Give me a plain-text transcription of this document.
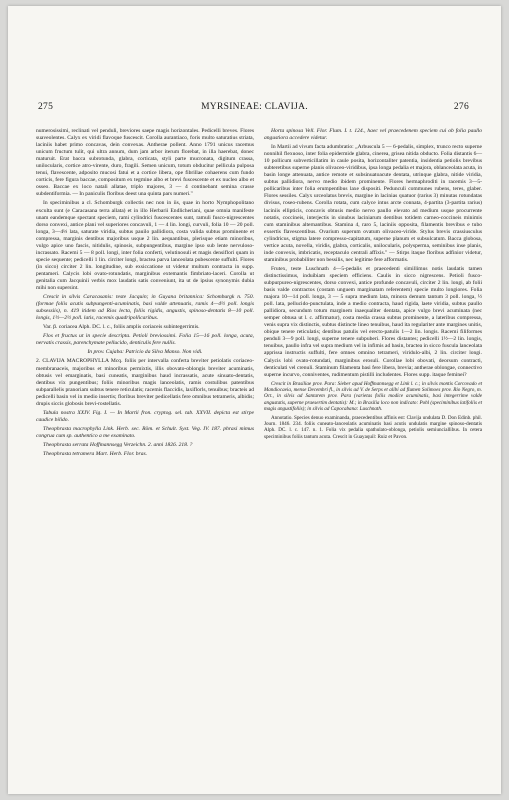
275	MYRSINEAE: CLAVIJA.	276

numerosissimi, reclinati vel penduli, breviores saepe magis horizontales. Pedicelli breves. Flores suaveolentes. Calyx ex viridi flavoque fuscescit. Corolla aurantiaco, foris multo saturatius striata, laciniis habet primo concavas, dein convexas. Antherae pollent. Anno 1791 unicus racemus unicum fructum tulit, qui ultra annum, dum jam arbor iterum florebat, in illa haerebat, donec maturuit. Erat bacca subrotunda, glabra, corticata, styli parte mucronata, digitum crassa, unilocularis, cortice atro-virente, duro, fragili. Semen unicum, totum obducitur pellicula pulposa tenui, flavescente, adposito mucosi fatui et a cortice libera, ope fibrillae cohaerens cum fundo corticis, fere figura baccae, compositum ex tegmine albo et brevi fuscescente et ex nucleo albo et osseo. Baccae ex loco natali allatae, triplo majores, 3 — 4 continebant semina crasse subdentiformia. — In paniculis floribus deest una quinta pars numeri."

In speciminibus a cl. Schomburgk collectis nec non in iis, quae in horto Nymphopolitano exculta sunt (e Caracasana terra allata) et in illo Herbarii Endlicheriani, quae omnia manifeste unam eandemque spectant speciem, rami cylindrici fuscescentes sunt, ramuli fusco-nigrescentes dorso convexi, antice plani vel superiores concavuli, 1 — 4 lin. longi, curvuli, folia 10 — 20 poll. longa, 3—4⅓ lata, saturate viridia, subtus pauilo pallidiora, costa valida subtus prominente et compressa, marginis dentibus majoribus usque 2 lin. aequantibus, plerisque etiam minoribus, vulgo apice uno fascis, nitidulis, spinosis, subpungentibus, margine ipso sub lente nervuloso-incrassato. Racemi 5 — 8 poll. longi, inter folia conferti, velutinosuli et magis densiflori quam in specie sequente; pedicelli 1 lin. circiter longi, bractea parva lanceolata pubescente suffulti. Flores (in sicco) circiter 2 lin. longitudine, sub exsiccatione ut videtur multum contracta in supp. pentameri. Calycis lobi ovato-rotundatis, marginibus extemantis fimbriato-laceri. Corolla ut genitalia cum Jacquinii verbis mox laudatis satis conveniunt, ita ut de ipsius synonymis dubia mihi non supersint.

Crescit in silvis Caracasanis: teste Jacquin; in Guyana britannica: Schomburgk n. 750. (formae foliis acutis subpungenti-acuminatis, basi valde attenuatis, ramis 4—4½ poll. longis subsessiis), n. 419 itidem ad Rios lecta, foliis rigidis, angustis, spinoso-dentatis 8—10 poll. longis, 1½—2½ poll. latis, racemis quadripollicaribus.

Var. β. coriacea Alph. DC. l. c., foliis amplis coriaceis subintegerrimis.

Flos et fructus ut in specie descripta. Petioli breviossimi. Folia 15—16 poll. longa, acuta, nervatis crassis, parenchymate pellucido, denticulis fere nullis.

In prov. Cujaba: Patricio da Silva Manso. Non vidi.

2. CLAVIJA MACROPHYLLA Mcq. foliis per intervalla conferta breviter petiolatis coriaceo-membranaceis, majoribus et minoribus permixtis, illis obovato-oblongis breviter acuminatis, obtusis vel emarginatis, basi cuneatis, marginibus haud incrassatis, acute sinuato-dentatis, dentibus vix pungentibus; foliis minoribus magis lanceolatis, ramis costulibus patentibus subparallelis pranoriam subtus tenere reticulatis; racemis flaccidis, laxiflorls, tenuibus; bracteis ad pedicelli basin vel in medio insertis; floribus breviter pedicellatis fere omnibus tetrameris, albidis; drupis siccis globosis brevi-rostellatis.

Tabula nostra XXIV. Fig. I. — In Martii fron. cryptog. sel. tab. XXVII. depicta est stirpe caudice bilido.

Theophrasta macrophylla Link. Herb. sec. Röm. et Schult. Syst. Veg. IV. 187. phrasi mimus congrua cum sp. authentico a me examinato.

Theophrasta serrata Hoffmannsegg Verzeichn. 2. anni 1826. 218. ?

Theophrasta tetramera Mart. Herb. Flor. bras.

Horta spinosa Vell. Flor. Flum. I. t. 124., haec vel praecedenem speciem cui ob folia paullo angustiora accedere videtur.

In Martii ad vivum facta adumbratio: „Arbuscula 5 — 6-pedalis, simplex, trunco recto superne nonnihil flexuoso, inter folia epidermide glabra, cinerea, grisea nitida obducto. Folia distantis 6—10 pollicum subverticillatim in caule posita, horizontaliter patentia, insidentia petiolis brevibus subteretibus superne planis olivaceo-viridibus, ipsa longa pedalia et majora, oblanceolata acuta, in basin longe attenuata, antice remote et subsinuatoacute dentata, utrinque glabra, nitide viridia, subtus pallidiora, nervo medio ibidem prominente. Flores hermaphroditi in racemis 3—5-pollicaribus inter folia erumpentibus laxe dispositi. Pedunculi communes rubens, teres, glaber. Flores sessiles. Calyx urceolatus brevis, margine in lacinias quatuor (rarius 3) minutas rotundatas divisus, roseo-rubens. Corolla rotata, cum calyce intus arcte connata, 4-partita (3-partita rarius) laciniis ellipticis, concavis obtusis medio nervo paullo elevato ad medium usque procurrente notatis, coccineis, interjectis in sinubus laciniarum dentibus totidem carneo-coccineis minimis cum staminibus alternantibus. Stamina 4, raro 5, laciniis opposita, filamentis brevibus e tubo exsertis flavescentibus. Ovarium superum ovatum olivaceo-viride. Stylus brevis crassiusculus cylindricus, stigma latere compresso-capitatum, superne planum et subsulcatum. Bacca globosa, vertice acuta, novella, viridis, glabra, corticalis, unilocularis, polysperma, seminibus inse planis, inde convexis, imbricatis, receptaculo centrali affixis." — Stirps itaque floribus adfinior videtur, staminibus probabiliter non bessilis, nec legitime fere afformatis.

Frutex, teste Luschnath 4—5-pedalis et praecedenti simillimus notis laudatis tamen distinctissimus, induibiam speciem efficiens. Caulis in sicco nigrescens. Petioli fusco-subpurpureo-nigrescentes, dorso convexi, antice profunde concavuli, circiter 2 lin. longi, ab folii basis valde contractos (costam unguem marginatam referentem) specie multo longiores. Folia majora 10—14 poll. longa, 3 — 5 supra medium lata, minora demum tantum 3 poll. longa, ½ poll. lata, pellucido-punctulata, inde a medio contracta, haud rigida, laete viridia, subtus paullo pallidiora, secundum totum marginem inaequaliter dentata, apice vulgo brevi acuminata (nec semper obtusa ut l. c. affirmatur), costa media crassa subtus prominente, a lateribus compressa, venis supra vix distinctis, subtus distincte lineo tenuibus, haud ita regulariter ante margines unitis, obique tenere reticulatis; dentibus patulis vel erecto-patulis 1—2 lin. longis. Racemi filiformes penduli 3—9 poll. longi, superne tenere subpuberi. Flores distantes; pedicelli 1½—2 lin. longis, tenuibus, paullo infra vel supra medium vel in infimis ad basin, bractea in sicco fuscula lanceolata apprissa instructis suffulti, fere omnes omnino tetrameri, viridulo-albi, 2 lin. circiter longi. Calycis lobi ovato-rotundati, marginibus erosuli. Corollae lobi obovati, deorsum contracti, denticulati vel crenuli. Staminum filamenta basi fere libera, brevia; antherae oblongae, connectivo superne incurvo, conniventes, rudimentum pistilli includentes. Flores supp. itaque feminei?

Crescit in Brasiliae prov. Para: Sieber apud Hoffmannsegg et Link l. c.; in silvis montis Corcovado et Mandiocaeia, mense Decembri fl., in silvis ad V. de Serps et alibi ad flumen Solimoes prov. Rio Negro, m. Oct., in silvis ad Santarem prov. Para (varietas foliis modice acuminatis, basi integerrime valde angustatis, superne praesertim dentatis): M.; in Brasilia loco non indicato: Pohl (speciminibus latifoliis et magis angustifoliis); in silvis ad Capocabana: Luschnath.

Annotatio. Species denuo examinanda, praecedentibus affinis est: Clavija undulata D. Don Edinb. phil. Journ. 1846. 234. foliis cuneato-lanceolatis acuminatis basi acutis undulatis margine spinoso-dentatis Alph. DC. l. c. 147. n. 1. Folia vix pedalia spathulato-oblonga, petiolis semiunciallibus. In cetera speciminibus foliis tantum acuta. Crescit in Guayaquil: Ruiz et Pavon.
